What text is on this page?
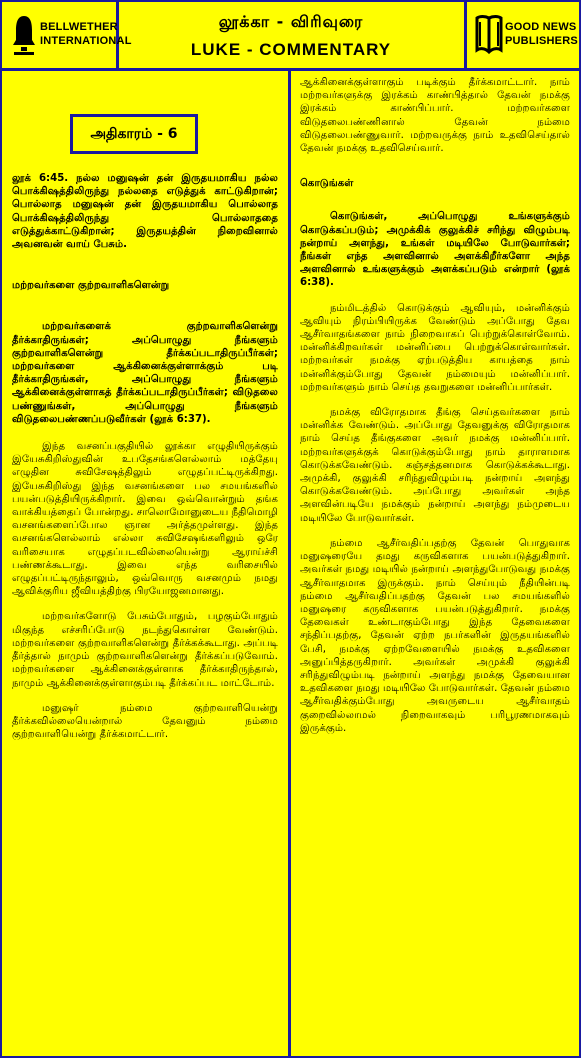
BELLWETHER
INTERNATIONAL
லூக்கா - விரிவுரை
LUKE - COMMENTARY
GOOD NEWS
PUBLISHERS
அதிகாரம் - 6

லூக் 6:45. நல்ல மனுஷன் தன் இருதயமாகிய நல்ல பொக்கிஷத்திலிருந்து நல்லதை எடுத்துக் காட்டுகிறான்; பொல்லாத மனுஷன் தன் இருதயமாகிய பொல்லாத பொக்கிஷத்திலிருந்து பொல்லாததை எடுத்துக்காட்டுகிறான்; இருதயத்தின் நிறைவினால் அவனவன் வாய் பேசும்.

மற்றவர்களை குற்றவாளிகளென்று

மற்றவர்களைக் குற்றவாளிகளென்று தீர்க்காதிருங்கள்; அப்பொழுது நீங்களும் குற்றவாளிகளென்று தீர்க்கப்படாதிருப்பீர்கள்; மற்றவர்களை ஆக்கினைக்குள்ளாக்கும் படி தீர்க்காதிருங்கள், அப்பொழுது நீங்களும் ஆக்கினைக்குள்ளாகத் தீர்க்கப்படாதிருப்பீர்கள்; விடுதலை பண்ணுங்கள், அப்பொழுது நீங்களும் விடுதலைபண்ணப்படுவீர்கள் (லூக் 6:37).

இந்த வசனப்பகுதியில் லூக்கா எழுதியிருக்கும் இயேசுகிறிஸ்துவின் உபதேசங்களெல்லாம் மத்தேயு எழுதின சுவிசேஷத்திலும் எழுதப்பட்டிருக்கிறது. இயேசுகிறிஸ்து இந்த வசனங்களை பல சமயங்களில் பயன்படுத்தியிருக்கிறார். இவை ஒவ்வொன்றும் தங்க வாக்கியத்தைப் போன்றது. சாலொமோனுடைய நீதிமொழி வசனங்களைப்போல ஞான அர்த்தமுள்ளது. இந்த வசனங்களெல்லாம் எல்லா சுவிசேஷங்களிலும் ஒரே வரிசையாக எழுதப்படவில்லையென்று ஆராய்ச்சி பண்ணக்கூடாது. இவை எந்த வரிசையில் எழுதப்பட்டிருந்தாலும், ஒவ்வொரு வசனமும் நமது ஆவிக்குரிய ஜீவியத்திற்கு பிரயோஜனமானது.

மற்றவர்களோடு பேசும்போதும், பழகும்போதும் மிகுந்த எச்சரிப்போடு நடந்துகொள்ள வேண்டும். மற்றவர்களை குற்றவாளிகளென்று தீர்க்கக்கூடாது. அப்படி தீர்த்தால் நாமும் குற்றவாளிகளென்று தீர்க்கப்படுவோம். மற்றவர்களை ஆக்கினைக்குள்ளாக தீர்க்காதிருந்தால், நாமும் ஆக்கினைக்குள்ளாகும்படி தீர்க்கப்பட மாட்டோம்.

மனுஷர் நம்மை குற்றவாளியென்று தீர்க்கவில்லையென்றால் தேவனும் நம்மை குற்றவாளியென்று தீர்க்கமாட்டார்.

ஆக்கினைக்குள்ளாகும் படிக்கும் தீர்க்கமாட்டார். நாம் மற்றவர்களுக்கு இரக்கம் காண்பித்தால் தேவன் நமக்கு இரக்கம் காண்பிப்பார். மற்றவர்களை விடுதலைபண்ணினால் தேவன் நம்மை விடுதலைபண்ணுவார். மற்றவருக்கு நாம் உதவிசெய்தால் தேவன் நமக்கு உதவிசெய்வார்.

கொடுங்கள்

கொடுங்கள், அப்பொழுது உங்களுக்கும் கொடுக்கப்படும்; அமுக்கிக் குலுக்கிச் சரிந்து விழும்படி நன்றாய் அளந்து, உங்கள் மடியிலே போடுவார்கள்; நீங்கள் எந்த அளவினால் அளக்கிறீர்களோ அந்த அளவினால் உங்களுக்கும் அளக்கப்படும் என்றார் (லூக் 6:38).

நம்மிடத்தில் கொடுக்கும் ஆவியும், மன்னிக்கும் ஆவியும் நிரம்பியிருக்க வேண்டும் அப்போது தேவ ஆசீர்வாதங்களை நாம் நிறைவாகப் பெற்றுக்கொள்வோம். மன்னிக்கிறவர்கள் மன்னிப்பை பெற்றுக்கொள்வார்கள். மற்றவர்கள் நமக்கு ஏற்படுத்திய காயத்தை நாம் மன்னிக்கும்போது தேவன் நம்மையும் மன்னிப்பார். மற்றவர்களும் நாம் செய்த தவறுகளை மன்னிப்பார்கள்.

நமக்கு விரோதமாக தீங்கு செய்தவர்களை நாம் மன்னிக்க வேண்டும். அப்போது தேவனுக்கு விரோதமாக நாம் செய்த தீங்குகளை அவர் நமக்கு மன்னிப்பார். மற்றவர்களுக்குக் கொடுக்கும்போது நாம் தாராளமாக கொடுக்கவேண்டும். கஞ்சத்தனமாக கொடுக்கக்கூடாது. அமுக்கி, குலுக்கி சரிந்துவிழும்படி நன்றாய் அளந்து கொடுக்கவேண்டும். அப்போது அவர்கள் அந்த அளவின்படியே நமக்கும் நன்றாய் அளந்து நம்முடைய மடியிலே போடுவார்கள்.

நம்மை ஆசீர்வதிப்பதற்கு தேவன் பொதுவாக மனுஷரையே தமது கருவிகளாக பயன்படுத்துகிறார். அவர்கள் நமது மடியில் நன்றாய் அளந்துபோடுவது நமக்கு ஆசீர்வாதமாக இருக்கும். நாம் செய்யும் நீதியின்படி நம்மை ஆசீர்வதிப்பதற்கு தேவன் பல சமயங்களில் மனுஷரை கருவிகளாக பயன்படுத்துகிறார். நமக்கு தேவைகள் உண்டாகும்போது இந்த தேவைகளை சந்திப்பதற்கு, தேவன் ஏற்ற நபர்களின் இருதயங்களில் பேசி, நமக்கு ஏற்றவேளையில் நமக்கு உதவிகளை அனுப்பித்தருகிறார். அவர்கள் அமுக்கி குலுக்கி சரிந்துவிழும்படி நன்றாய் அளந்து நமக்கு தேவையான உதவிகளை நமது மடியிலே போடுவார்கள். தேவன் நம்மை ஆசீர்வதிக்கும்போது அவருடைய ஆசீர்வாதம் குறைவில்லாமல் நிறைவாகவும் பரிபூரணமாகவும் இருக்கும்.
